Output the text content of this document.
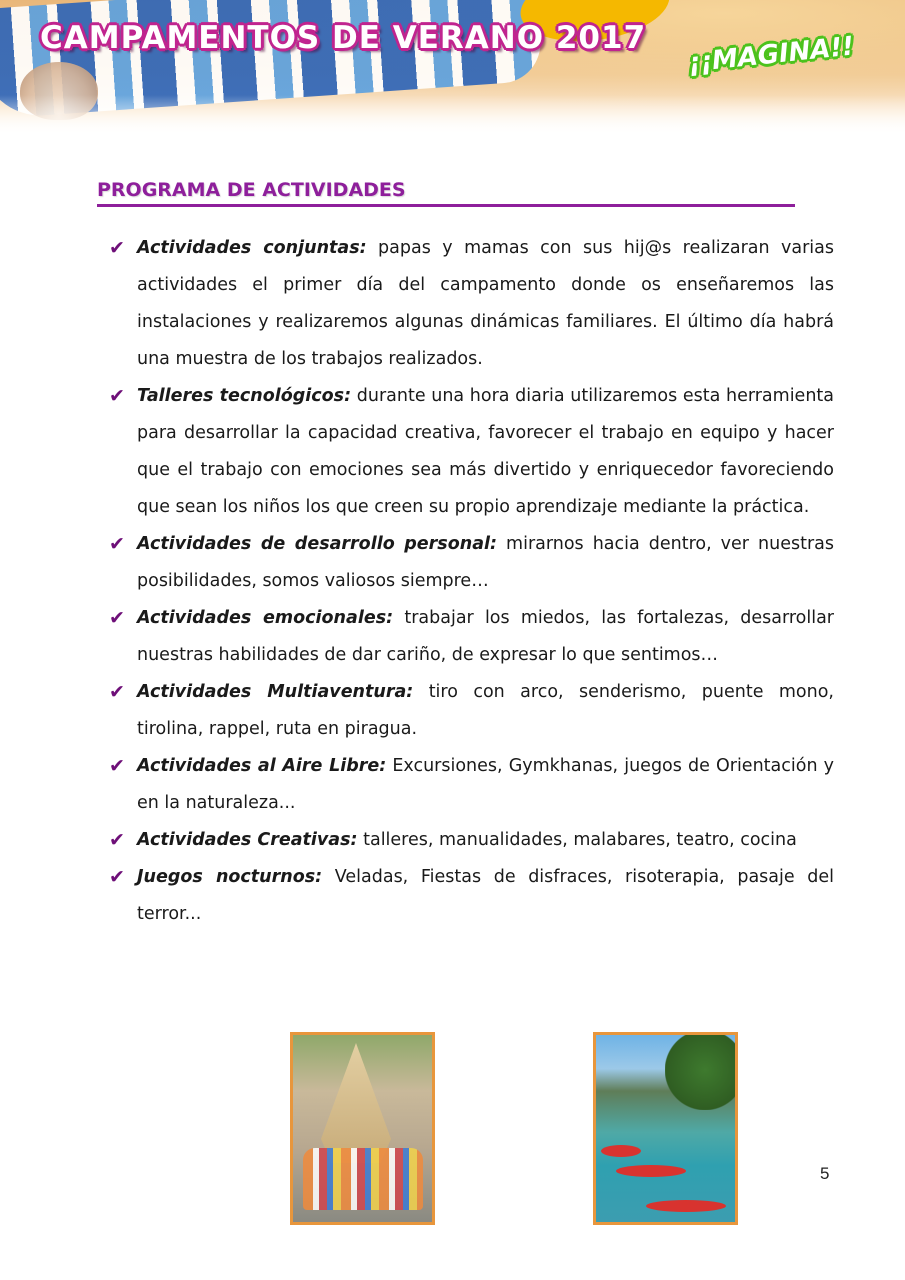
CAMPAMENTOS DE VERANO 2017 ¡¡MAGINA!!
PROGRAMA DE ACTIVIDADES
✔ Actividades conjuntas: papas y mamas con sus hij@s realizaran varias actividades el primer día del campamento donde os enseñaremos las instalaciones y realizaremos algunas dinámicas familiares. El último día habrá una muestra de los trabajos realizados.
✔ Talleres tecnológicos: durante una hora diaria utilizaremos esta herramienta para desarrollar la capacidad creativa, favorecer el trabajo en equipo y hacer que el trabajo con emociones sea más divertido y enriquecedor favoreciendo que sean los niños los que creen su propio aprendizaje mediante la práctica.
✔ Actividades de desarrollo personal: mirarnos hacia dentro, ver nuestras posibilidades, somos valiosos siempre…
✔ Actividades emocionales: trabajar los miedos, las fortalezas, desarrollar nuestras habilidades de dar cariño, de expresar lo que sentimos…
✔ Actividades Multiaventura: tiro con arco, senderismo, puente mono, tirolina, rappel, ruta en piragua.
✔ Actividades al Aire Libre: Excursiones, Gymkhanas, juegos de Orientación y en la naturaleza...
✔ Actividades Creativas: talleres, manualidades, malabares, teatro, cocina
✔ Juegos nocturnos: Veladas, Fiestas de disfraces, risoterapia, pasaje del terror...
5
